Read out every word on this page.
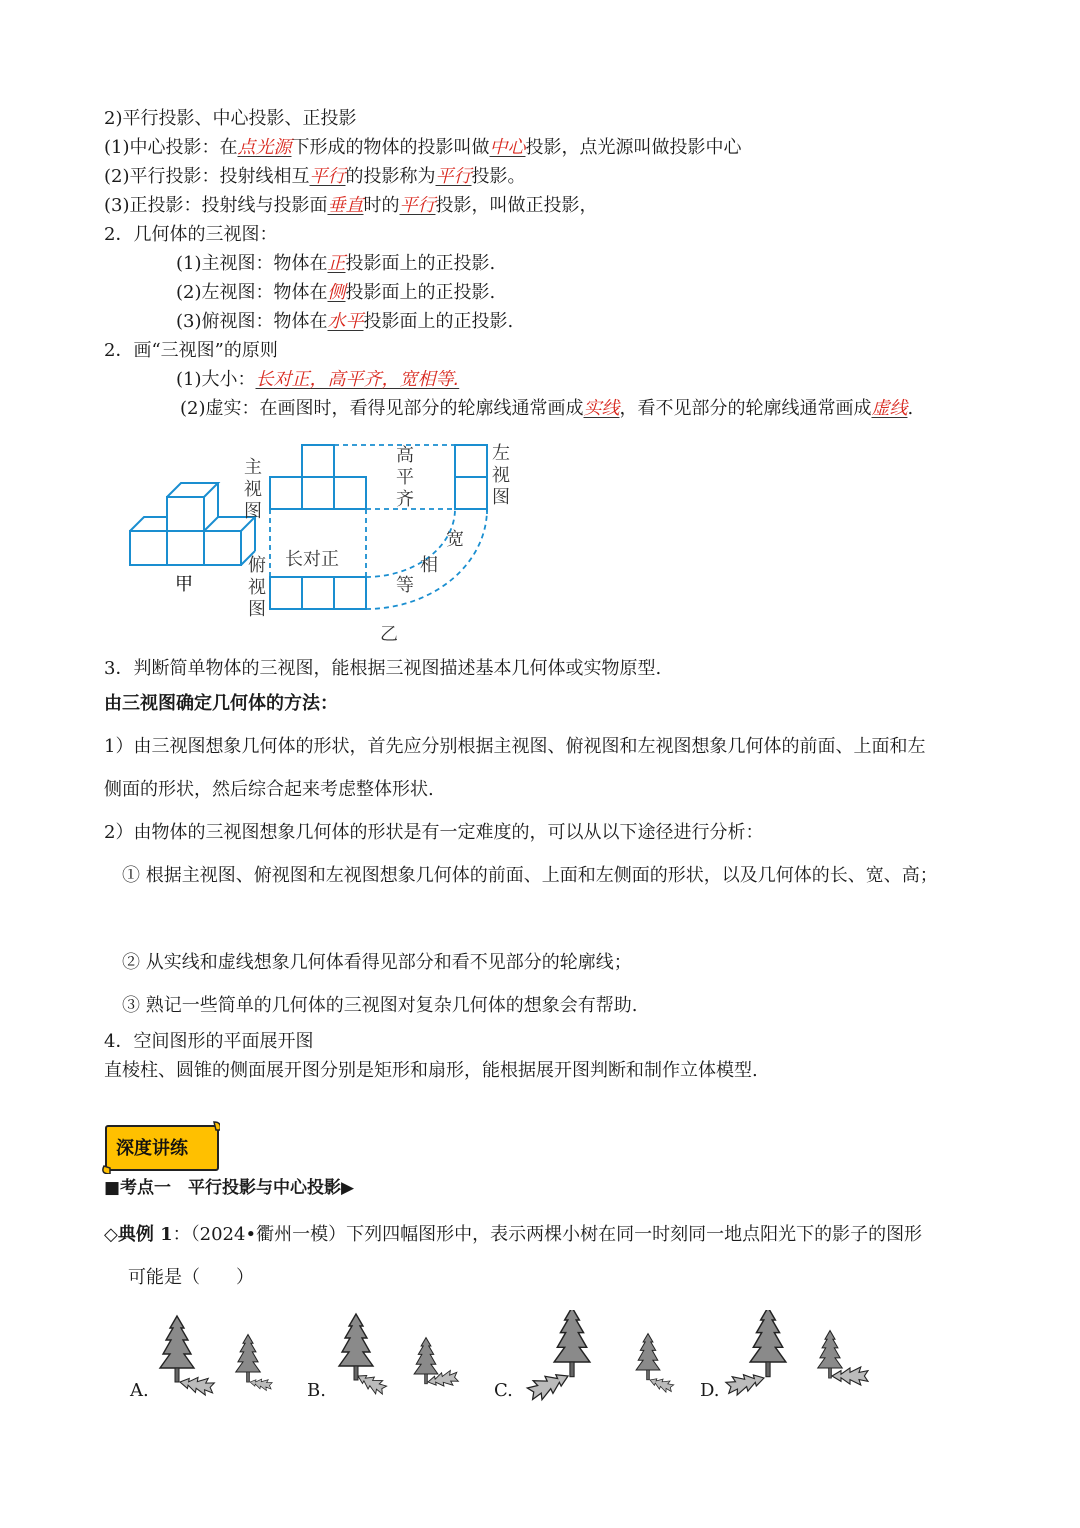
2)平行投影、中心投影、正投影
(1)中心投影：在点光源下形成的物体的投影叫做中心投影，点光源叫做投影中心
(2)平行投影：投射线相互平行的投影称为平行投影。
(3)正投影：投射线与投影面垂直时的平行投影，叫做正投影，
2．几何体的三视图：
(1)主视图：物体在正投影面上的正投影.
(2)左视图：物体在侧投影面上的正投影.
(3)俯视图：物体在水平投影面上的正投影.
2．画“三视图”的原则
(1)大小：长对正，高平齐，宽相等.
(2)虚实：在画图时，看得见部分的轮廓线通常画成实线，看不见部分的轮廓线通常画成虚线.
甲
主
视
图
左
视
图
俯
视
图
高
平
齐
长对正
宽
相
等
乙
3．判断简单物体的三视图，能根据三视图描述基本几何体或实物原型.
由三视图确定几何体的方法：
1）由三视图想象几何体的形状，首先应分别根据主视图、俯视图和左视图想象几何体的前面、上面和左
侧面的形状，然后综合起来考虑整体形状.
2）由物体的三视图想象几何体的形状是有一定难度的，可以从以下途径进行分析：
① 根据主视图、俯视图和左视图想象几何体的前面、上面和左侧面的形状，以及几何体的长、宽、高；
② 从实线和虚线想象几何体看得见部分和看不见部分的轮廓线；
③ 熟记一些简单的几何体的三视图对复杂几何体的想象会有帮助.
4．空间图形的平面展开图
直棱柱、圆锥的侧面展开图分别是矩形和扇形，能根据展开图判断和制作立体模型.
深度讲练
■考点一　平行投影与中心投影▶
◇典例 1：（2024•衢州一模）下列四幅图形中，表示两棵小树在同一时刻同一地点阳光下的影子的图形
可能是（　　）
A.	B.	C.	D.
